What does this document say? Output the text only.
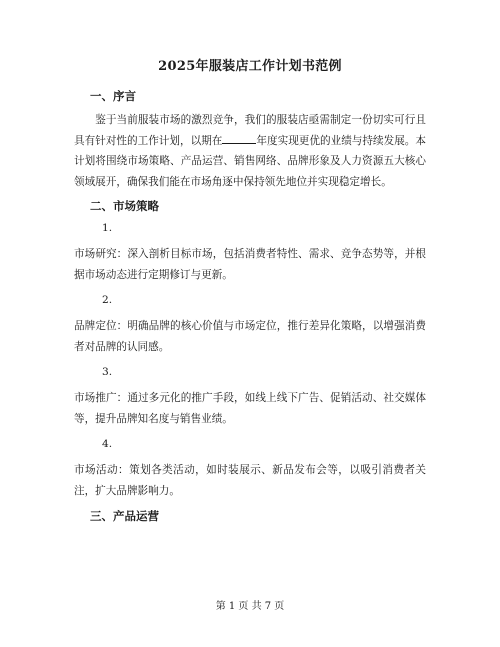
2025年服装店工作计划书范例
一、序言

鉴于当前服装市场的激烈竞争，我们的服装店亟需制定一份切实可行且具有针对性的工作计划，以期在	年度实现更优的业绩与持续发展。本计划将围绕市场策略、产品运营、销售网络、品牌形象及人力资源五大核心领域展开，确保我们能在市场角逐中保持领先地位并实现稳定增长。

二、市场策略
1.

市场研究：深入剖析目标市场，包括消费者特性、需求、竞争态势等，并根据市场动态进行定期修订与更新。

2.

品牌定位：明确品牌的核心价值与市场定位，推行差异化策略，以增强消费者对品牌的认同感。

3.

市场推广：通过多元化的推广手段，如线上线下广告、促销活动、社交媒体等，提升品牌知名度与销售业绩。

4.

市场活动：策划各类活动，如时装展示、新品发布会等，以吸引消费者关注，扩大品牌影响力。

三、产品运营
第 1 页 共 7 页
